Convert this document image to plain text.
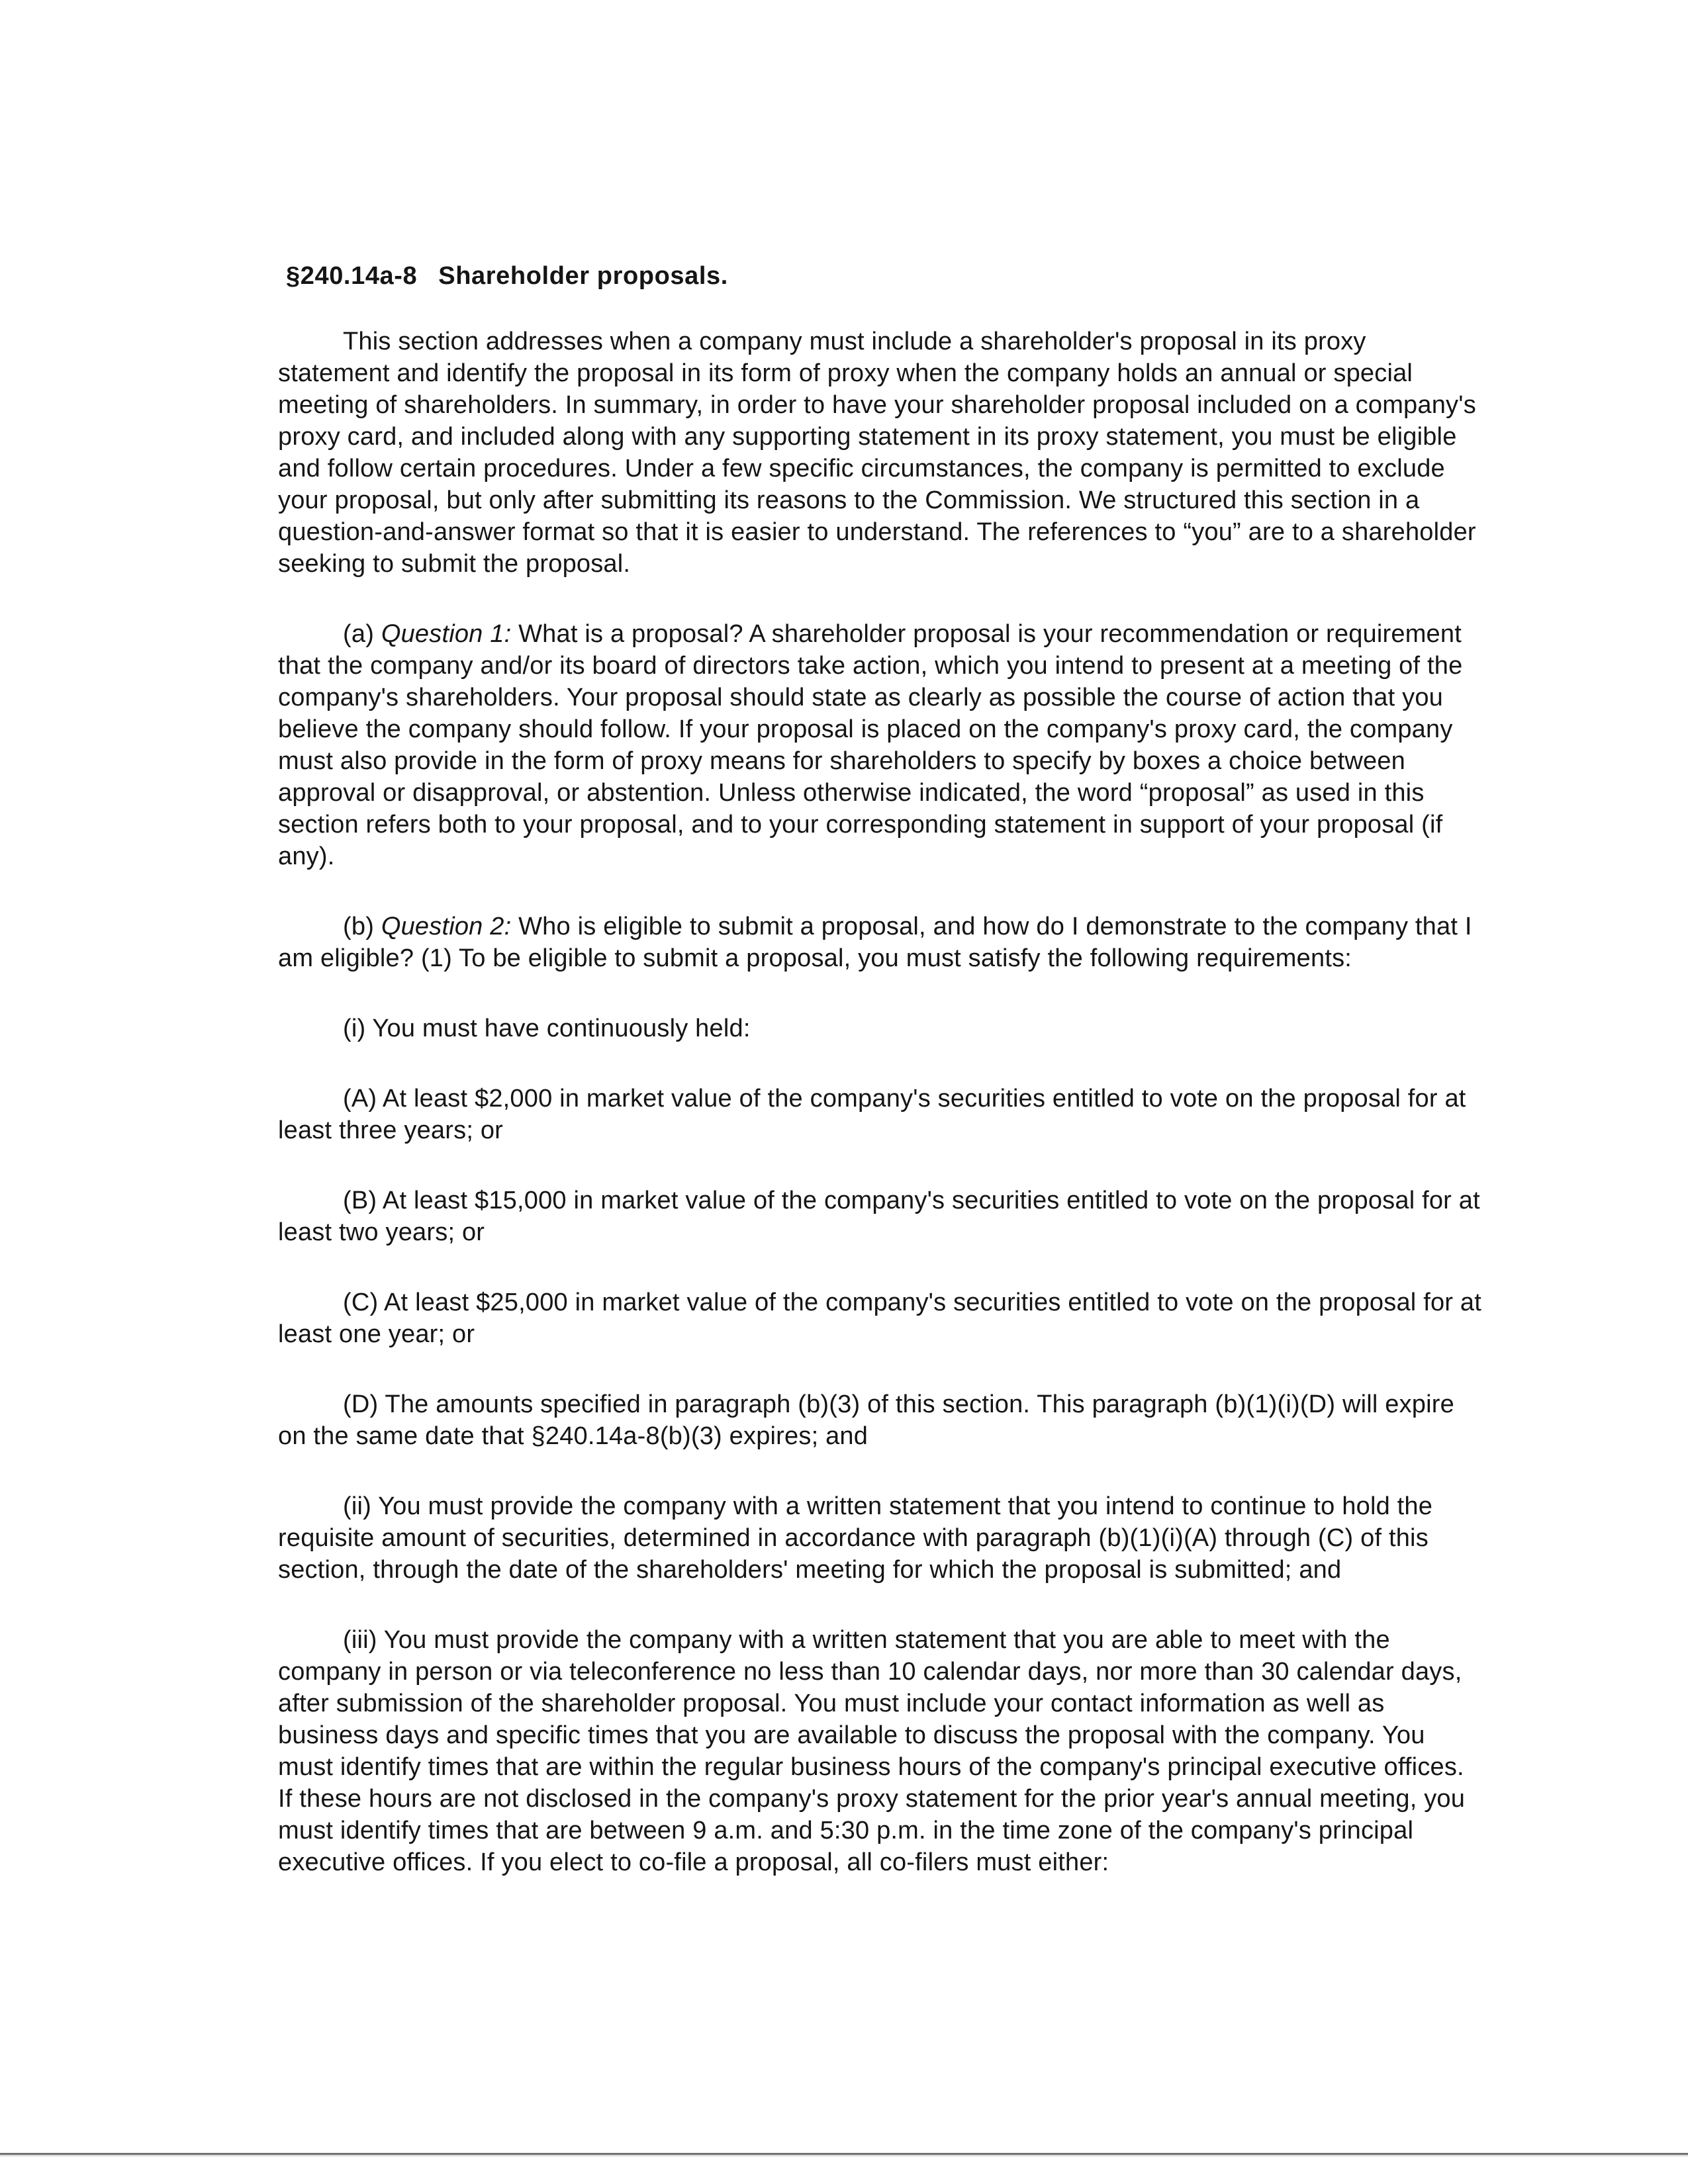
§240.14a-8 Shareholder proposals.

This section addresses when a company must include a shareholder's proposal in its proxy statement and identify the proposal in its form of proxy when the company holds an annual or special meeting of shareholders. In summary, in order to have your shareholder proposal included on a company's proxy card, and included along with any supporting statement in its proxy statement, you must be eligible and follow certain procedures. Under a few specific circumstances, the company is permitted to exclude your proposal, but only after submitting its reasons to the Commission. We structured this section in a question-and-answer format so that it is easier to understand. The references to “you” are to a shareholder seeking to submit the proposal.

(a) Question 1: What is a proposal? A shareholder proposal is your recommendation or requirement that the company and/or its board of directors take action, which you intend to present at a meeting of the company's shareholders. Your proposal should state as clearly as possible the course of action that you believe the company should follow. If your proposal is placed on the company's proxy card, the company must also provide in the form of proxy means for shareholders to specify by boxes a choice between approval or disapproval, or abstention. Unless otherwise indicated, the word “proposal” as used in this section refers both to your proposal, and to your corresponding statement in support of your proposal (if any).

(b) Question 2: Who is eligible to submit a proposal, and how do I demonstrate to the company that I am eligible? (1) To be eligible to submit a proposal, you must satisfy the following requirements:

(i) You must have continuously held:

(A) At least $2,000 in market value of the company's securities entitled to vote on the proposal for at least three years; or

(B) At least $15,000 in market value of the company's securities entitled to vote on the proposal for at least two years; or

(C) At least $25,000 in market value of the company's securities entitled to vote on the proposal for at least one year; or

(D) The amounts specified in paragraph (b)(3) of this section. This paragraph (b)(1)(i)(D) will expire on the same date that §240.14a-8(b)(3) expires; and

(ii) You must provide the company with a written statement that you intend to continue to hold the requisite amount of securities, determined in accordance with paragraph (b)(1)(i)(A) through (C) of this section, through the date of the shareholders' meeting for which the proposal is submitted; and

(iii) You must provide the company with a written statement that you are able to meet with the company in person or via teleconference no less than 10 calendar days, nor more than 30 calendar days, after submission of the shareholder proposal. You must include your contact information as well as business days and specific times that you are available to discuss the proposal with the company. You must identify times that are within the regular business hours of the company's principal executive offices. If these hours are not disclosed in the company's proxy statement for the prior year's annual meeting, you must identify times that are between 9 a.m. and 5:30 p.m. in the time zone of the company's principal executive offices. If you elect to co-file a proposal, all co-filers must either:
